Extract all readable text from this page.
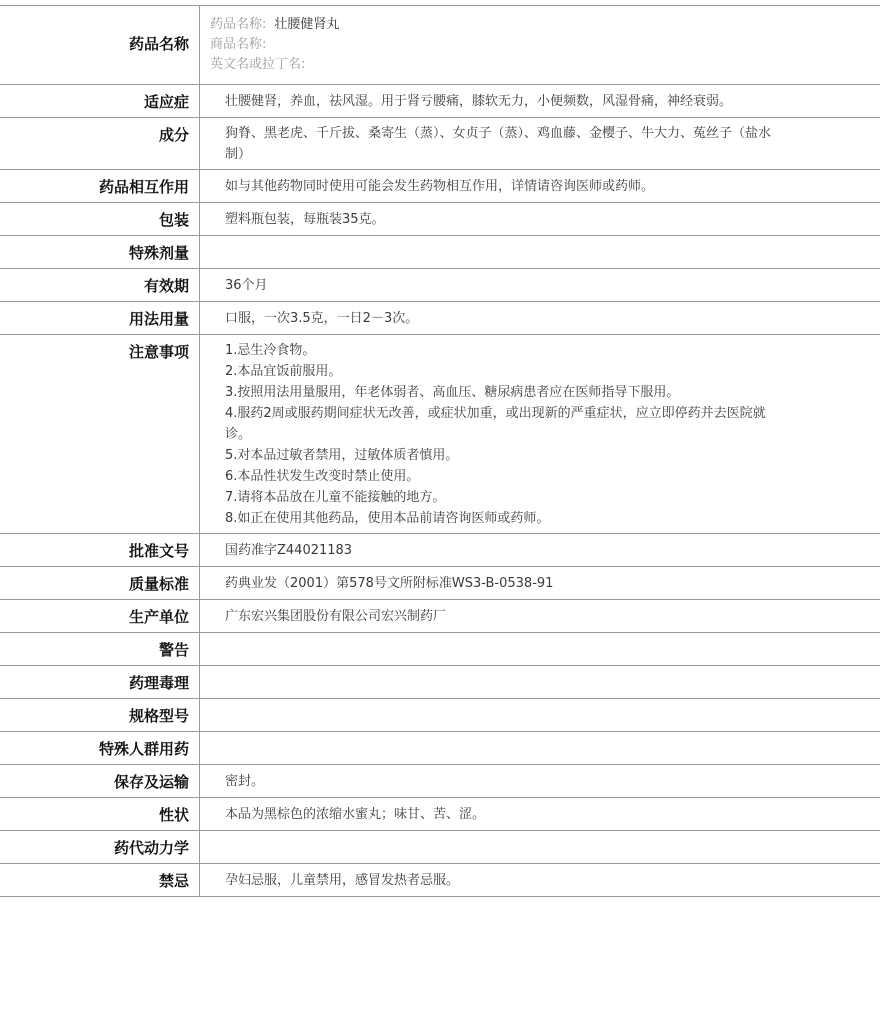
药品名称
药品名称: 壮腰健肾丸
商品名称:
英文名或拉丁名:
适应症	壮腰健肾，养血，祛风湿。用于肾亏腰痛，膝软无力，小便频数，风湿骨痛，神经衰弱。
成分	狗脊、黑老虎、千斤拔、桑寄生（蒸）、女贞子（蒸）、鸡血藤、金樱子、牛大力、菟丝子（盐水制）
药品相互作用	如与其他药物同时使用可能会发生药物相互作用，详情请咨询医师或药师。
包装	塑料瓶包装，每瓶装35克。
特殊剂量
有效期	36个月
用法用量	口服，一次3.5克，一日2－3次。
注意事项	1.忌生冷食物。
2.本品宜饭前服用。
3.按照用法用量服用，年老体弱者、高血压、糖尿病患者应在医师指导下服用。
4.服药2周或服药期间症状无改善，或症状加重，或出现新的严重症状，应立即停药并去医院就诊。
5.对本品过敏者禁用，过敏体质者慎用。
6.本品性状发生改变时禁止使用。
7.请将本品放在儿童不能接触的地方。
8.如正在使用其他药品，使用本品前请咨询医师或药师。
批准文号	国药准字Z44021183
质量标准	药典业发（2001）第578号文所附标准WS3-B-0538-91
生产单位	广东宏兴集团股份有限公司宏兴制药厂
警告
药理毒理
规格型号
特殊人群用药
保存及运输	密封。
性状	本品为黑棕色的浓缩水蜜丸；味甘、苦、涩。
药代动力学
禁忌	孕妇忌服，儿童禁用，感冒发热者忌服。
